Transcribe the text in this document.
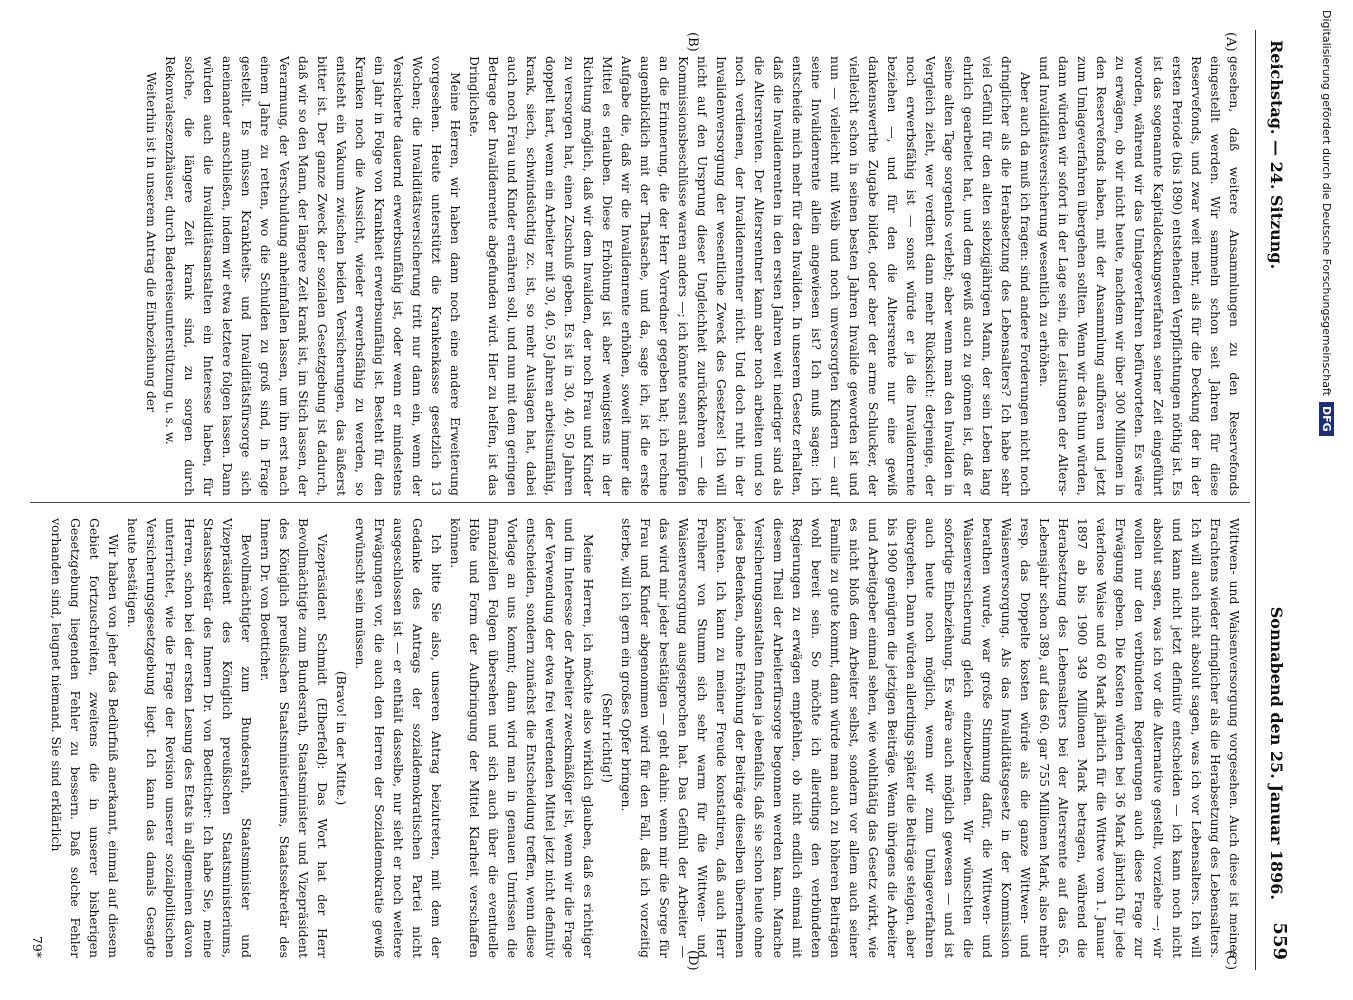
Reichstag. — 24. Sitzung.
Sonnabend den 25. Januar 1896.
559
(A)
(B)
(C)
(D)

gesehen, daß weitere Ansammlungen zu den Reservefonds eingestellt werden. Wir sammeln schon seit Jahren für diese Reservefonds, und zwar weit mehr, als für die Deckung der in der ersten Periode (bis 1890) entstehenden Verpflichtungen nöthig ist. Es ist das sogenannte Kapitaldeckungsverfahren seiner Zeit eingeführt worden, während wir das Umlageverfahren befürworteten. Es wäre zu erwägen, ob wir nicht heute, nachdem wir über 300 Millionen in den Reservefonds haben, mit der Ansammlung aufhören und jetzt zum Umlageverfahren übergehen sollten. Wenn wir das thun würden, dann würden wir sofort in der Lage sein, die Leistungen der Alters- und Invaliditätsversicherung wesentlich zu erhöhen.

Aber auch da muß ich fragen: sind andere Forderungen nicht noch dringlicher als die Herabsetzung des Lebensalters? Ich habe sehr viel Gefühl für den alten siebzigjährigen Mann, der sein Leben lang ehrlich gearbeitet hat, und dem gewiß auch zu gönnen ist, daß er seine alten Tage sorgenlos verlebt; aber wenn man den Invaliden in Vergleich zieht, wer verdient dann mehr Rücksicht: derjenige, der noch erwerbsfähig ist — sonst würde er ja die Invalidenrente beziehen —, und für den die Altersrente nur eine gewiß dankenswerthe Zugabe bildet, oder aber der arme Schlucker, der vielleicht schon in seinen besten Jahren Invalide geworden ist und nun — vielleicht mit Weib und noch unversorgten Kindern — auf seine Invalidenrente allein angewiesen ist? Ich muß sagen: ich entscheide mich mehr für den Invaliden. In unserem Gesetz erhalten, daß die Invalidenrenten in den ersten Jahren weit niedriger sind als die Altersrenten. Der Altersrentner kann aber noch arbeiten und so noch verdienen, der Invalidenrentner nicht. Und doch ruht in der Invalidenversorgung der wesentliche Zweck des Gesetzes! Ich will nicht auf den Ursprung dieser Ungleichheit zurückkehren — die Kommissionsbeschlüsse waren anders —; ich könnte sonst anknüpfen an die Erinnerung, die der Herr Vorredner gegeben hat; ich rechne augenblicklich mit der Thatsache, und da, sage ich, ist die erste Aufgabe die, daß wir die Invalidenrente erhöhen, soweit immer die Mittel es erlauben. Diese Erhöhung ist aber wenigstens in der Richtung möglich, daß wir dem Invaliden, der noch Frau und Kinder zu versorgen hat, einen Zuschuß geben. Es ist in 30, 40, 50 Jahren doppelt hart, wenn ein Arbeiter mit 30, 40, 50 Jahren arbeitsunfähig, krank, siech, schwindsüchtig zc. ist, so mehr Auslagen hat, dabei auch noch Frau und Kinder ernähren soll, und nun mit dem geringen Betrage der Invalidenrente abgefunden wird. Hier zu helfen, ist das Dringlichste.

Meine Herren, wir haben dann noch eine andere Erweiterung vorgesehen. Heute unterstützt die Krankenkasse gesetzlich 13 Wochen; die Invaliditätsversicherung tritt nur dann ein, wenn der Versicherte dauernd erwerbsunfähig ist, oder wenn er mindestens ein Jahr in Folge von Krankheit erwerbsunfähig ist. Besteht für den Kranken noch die Aussicht, wieder erwerbsfähig zu werden, so entsteht ein Vakuum zwischen beiden Versicherungen, das äußerst bitter ist. Der ganze Zweck der sozialen Gesetzgebung ist dadurch, daß wir so den Mann, der längere Zeit krank ist, im Stich lassen, der Verarmung, der Verschuldung anheimfallen lassen, um ihn erst nach einem Jahre zu retten, wo die Schulden zu groß sind, in Frage gestellt. Es müssen Krankheits- und Invaliditätsfürsorge sich aneinander anschließen, indem wir etwa letztere folgen lassen. Dann würden auch die Invaliditätsanstalten ein Interesse haben, für solche, die längere Zeit krank sind, zu sorgen durch Rekonvaleszenzhäuser, durch Badereiseunterstützung u. s. w.

Weiterhin ist in unserem Antrag die Einbeziehung der

Wittwen- und Waisenversorgung vorgesehen. Auch diese ist meines Erachtens wieder dringlicher als die Herabsetzung des Lebensalters. Ich will auch nicht absolut sagen, was ich vor Lebensalters. Ich will und kann nicht jetzt definitiv entscheiden — ich kann noch nicht absolut sagen, was ich vor die Alternative gestellt, vorziehe —; wir wollen nur den verbündeten Regierungen auch diese Frage zur Erwägung geben. Die Kosten würden bei 36 Mark jährlich für jede vaterlose Waise und 60 Mark jährlich für die Wittwe vom 1. Januar 1897 ab bis 1900 349 Millionen Mark betragen, während die Herabsetzung des Lebensalters bei der Altersrente auf das 65. Lebensjahr schon 389, auf das 60. gar 755 Millionen Mark, also mehr resp. das Doppelte kosten würde als die ganze Wittwen- und Waisenversorgung. Als das Invaliditätsgesetz in der Kommission berathen wurde, war große Stimmung dafür, die Wittwen- und Waisenversicherung gleich einzubeziehen. Wir wünschten die sofortige Einbeziehung. Es wäre auch möglich gewesen — und ist auch heute noch möglich, wenn wir zum Umlageverfahren übergehen. Dann würden allerdings später die Beiträge steigen, aber bis 1900 genügten die jetzigen Beiträge. Wenn übrigens die Arbeiter und Arbeitgeber einmal sehen, wie wohlthätig das Gesetz wirkt, wie es nicht bloß dem Arbeiter selbst, sondern vor allem auch seiner Familie zu gute kommt, dann würde man auch zu höheren Beiträgen wohl bereit sein. So möchte ich allerdings den verbündeten Regierungen zu erwägen empfehlen, ob nicht endlich einmal mit diesem Theil der Arbeiterfürsorge begonnen werden kann. Manche Versicherungsanstalten finden ja ebenfalls, daß sie schon heute ohne jedes Bedenken, ohne Erhöhung der Beiträge dieselben übernehmen könnten. Ich kann zu meiner Freude konstatiren, daß auch Herr Freiherr von Stumm sich sehr warm für die Wittwen- und Waisenversorgung ausgesprochen hat. Das Gefühl der Arbeiter — das wird mir jeder bestätigen — geht dahin: wenn mir die Sorge für Frau und Kinder abgenommen wird für den Fall, daß ich vorzeitig sterbe, will ich gern ein großes Opfer bringen.

(Sehr richtig!)

Meine Herren, ich möchte also wirklich glauben, daß es richtiger und im Interesse der Arbeiter zweckmäßiger ist, wenn wir die Frage der Verwendung der etwa frei werdenden Mittel jetzt nicht definitiv entscheiden, sondern zunächst die Entscheidung treffen, wenn diese Vorlage an uns kommt; dann wird man in genauen Umrissen die finanziellen Folgen übersehen und sich auch über die eventuelle Höhe und Form der Aufbringung der Mittel Klarheit verschaffen können.

Ich bitte Sie also, unseren Antrag beizutreten, mit dem der Gedanke des Antrags der sozialdemokratischen Partei nicht ausgeschlossen ist — er enthält dasselbe, nur sieht er noch weitere Erwägungen vor, die auch den Herren der Sozialdemokratie gewiß erwünscht sein müssen.

(Bravo! in der Mitte.)

Vizepräsident Schmidt (Elberfeld): Das Wort hat der Herr Bevollmächtigte zum Bundesrath, Staatsminister und Vizepräsident des Königlich preußischen Staatsministeriums, Staatssekretär des Innern Dr. von Boetticher.

Bevollmächtigter zum Bundesrath, Staatsminister und Vizepräsident des Königlich preußischen Staatsministeriums, Staatssekretär des Innern Dr. von Boetticher: Ich habe Sie, meine Herren, schon bei der ersten Lesung des Etats in allgemeinen davon unterrichtet, wie die Frage der Revision unserer sozialpolitischen Versicherungsgesetzgebung liegt. Ich kann das damals Gesagte heute bestätigen.

Wir haben von jeher das Bedürfniß anerkannt, einmal auf diesem Gebiet fortzuschreiten, zweitens die in unserer bisherigen Gesetzgebung liegenden Fehler zu bessern. Daß solche Fehler vorhanden sind, leugnet niemand. Sie sind erklärlich

79*

Digitalisierung gefördert durch die Deutsche Forschungsgemeinschaft
DFG
